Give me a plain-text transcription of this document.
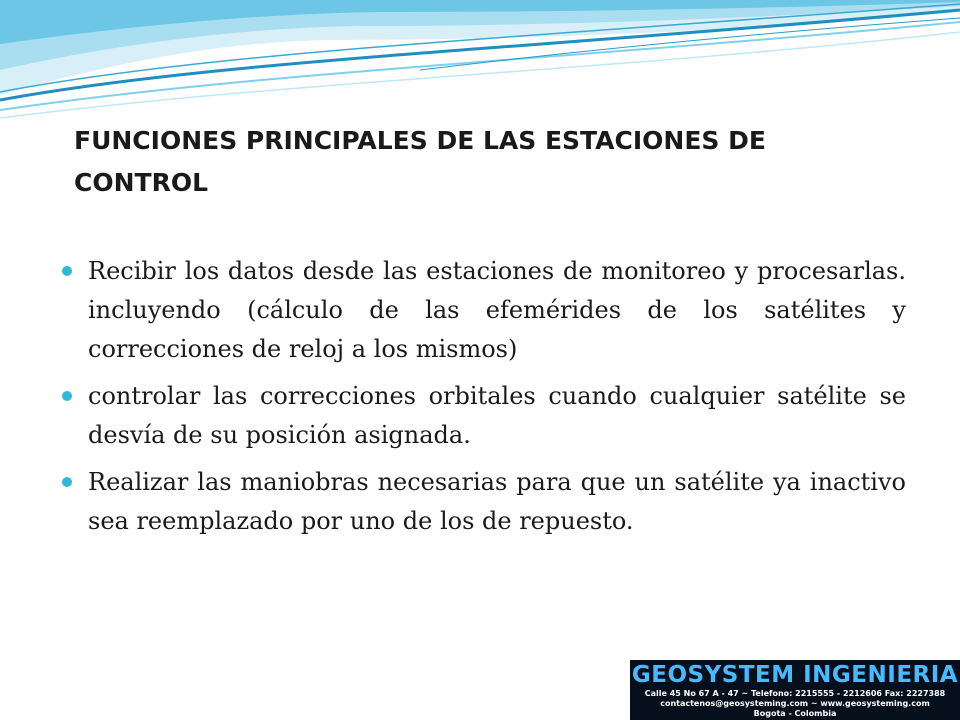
FUNCIONES PRINCIPALES DE LAS ESTACIONES DE CONTROL
Recibir los datos desde las estaciones de monitoreo y procesarlas. incluyendo (cálculo de las efemérides de los satélites y correcciones de reloj a los mismos)
controlar las correcciones orbitales cuando cualquier satélite se desvía de su posición asignada.
Realizar las maniobras necesarias para que un satélite ya inactivo sea reemplazado por uno de los de repuesto.
GEOSYSTEM INGENIERIA
Calle 45 No 67 A - 47 ~ Telefono: 2215555 - 2212606 Fax: 2227388
contactenos@geosysteming.com ~ www.geosysteming.com
Bogota - Colombia
